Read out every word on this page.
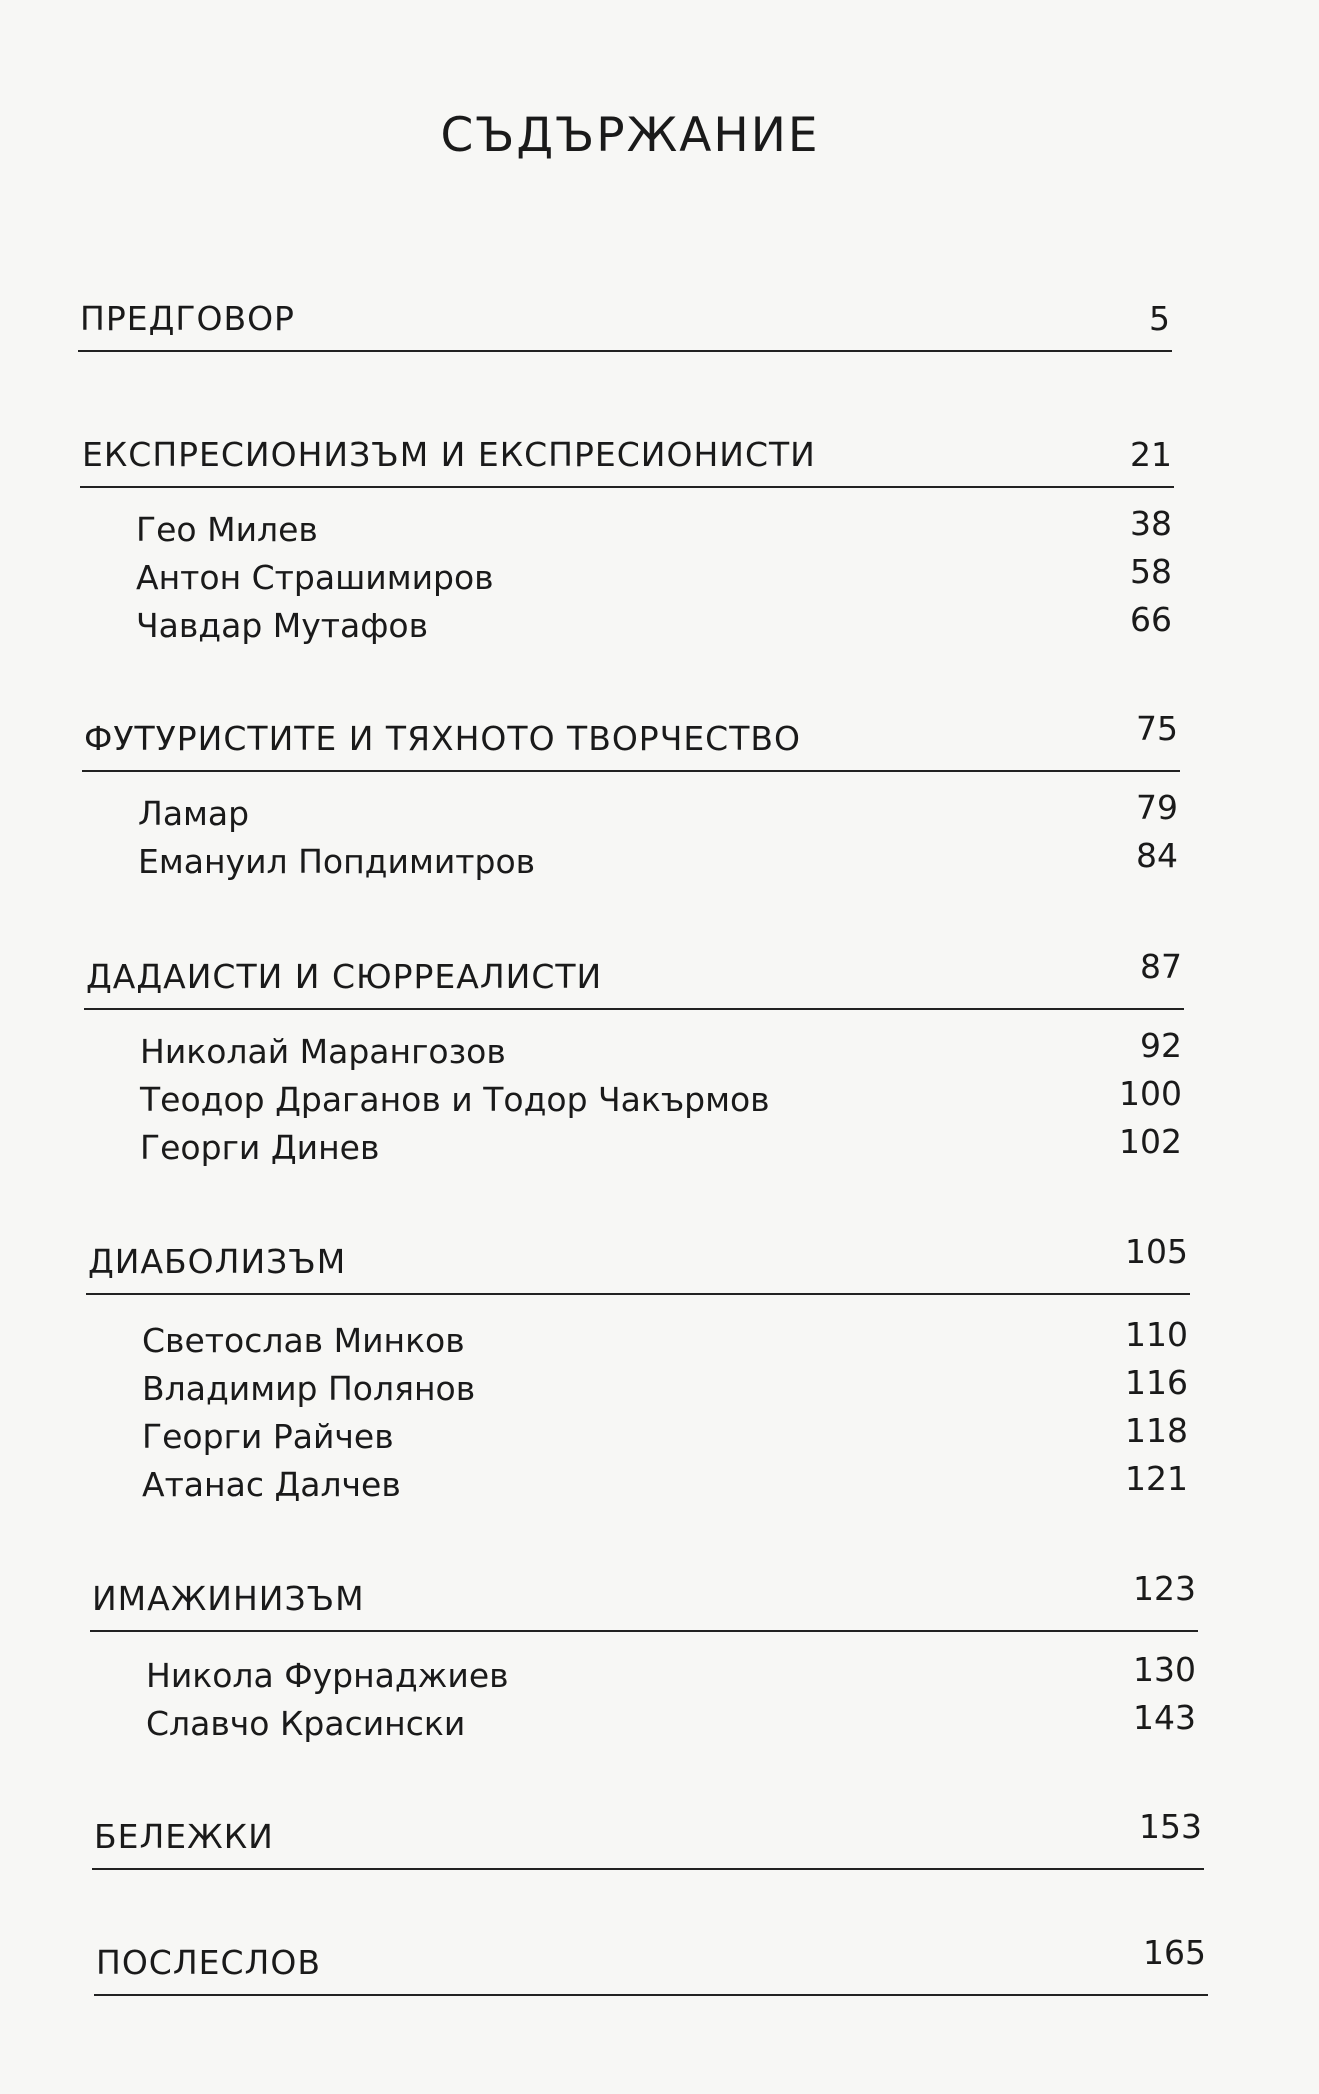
СЪДЪРЖАНИЕ
ПРЕДГОВОР	5
ЕКСПРЕСИОНИЗЪМ И ЕКСПРЕСИОНИСТИ	21
Гео Милев	38
Антон Страшимиров	58
Чавдар Мутафов	66
ФУТУРИСТИТЕ И ТЯХНОТО ТВОРЧЕСТВО	75
Ламар	79
Емануил Попдимитров	84
ДАДАИСТИ И СЮРРЕАЛИСТИ	87
Николай Марангозов	92
Теодор Драганов и Тодор Чакърмов	100
Георги Динев	102
ДИАБОЛИЗЪМ	105
Светослав Минков	110
Владимир Полянов	116
Георги Райчев	118
Атанас Далчев	121
ИМАЖИНИЗЪМ	123
Никола Фурнаджиев	130
Славчо Красински	143
БЕЛЕЖКИ	153
ПОСЛЕСЛОВ	165
